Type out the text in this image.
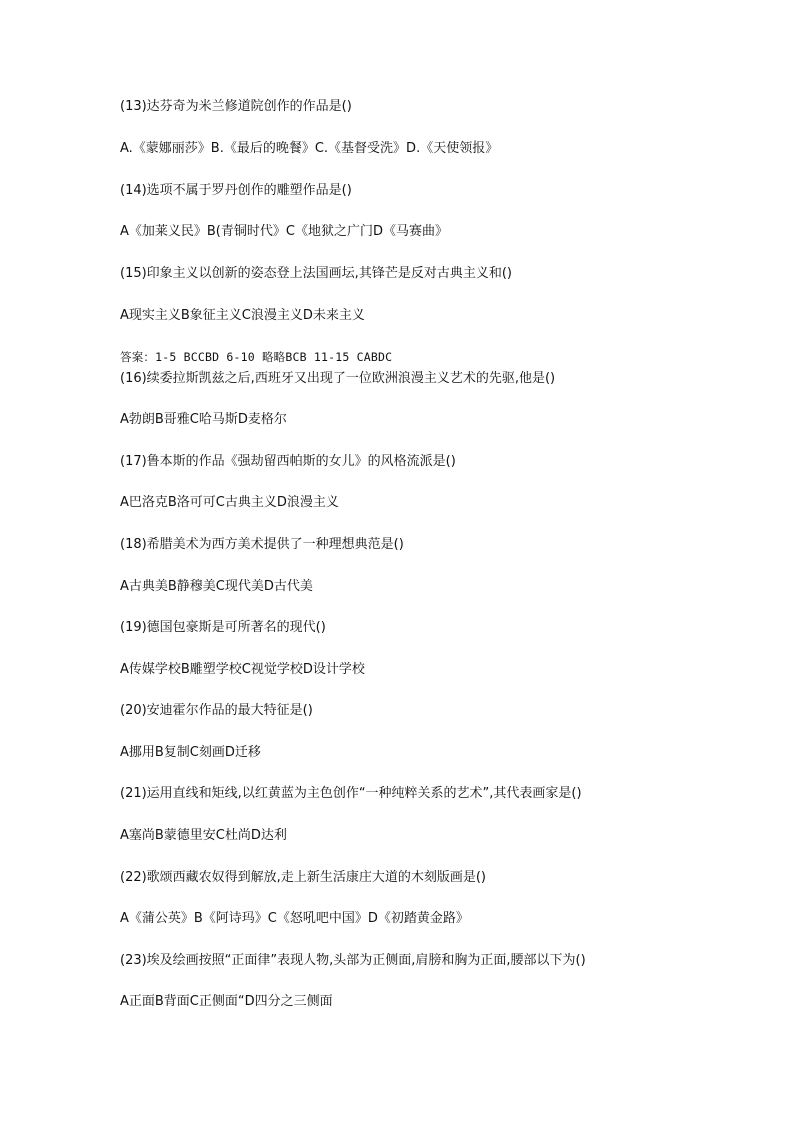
(13)达芬奇为米兰修道院创作的作品是()
A.《蒙娜丽莎》B.《最后的晚餐》C.《基督受洗》D.《天使领报》
(14)选项不属于罗丹创作的雕塑作品是()
A《加莱义民》B(青铜时代》C《地狱之广门D《马赛曲》
(15)印象主义以创新的姿态登上法国画坛,其锋芒是反对古典主义和()
A现实主义B象征主义C浪漫主义D未来主义
答案：1-5 BCCBD 6-10 略略BCB 11-15 CABDC
(16)续委拉斯凯兹之后,西班牙又出现了一位欧洲浪漫主义艺术的先驱,他是()
A勃朗B哥雅C哈马斯D麦格尔
(17)鲁本斯的作品《强劫留西帕斯的女儿》的风格流派是()
A巴洛克B洛可可C古典主义D浪漫主义
(18)希腊美术为西方美术提供了一种理想典范是()
A古典美B静穆美C现代美D古代美
(19)德国包豪斯是可所著名的现代()
A传媒学校B雕塑学校C视觉学校D设计学校
(20)安迪霍尔作品的最大特征是()
A挪用B复制C刻画D迁移
(21)运用直线和矩线,以红黄蓝为主色创作“一种纯粹关系的艺术”,其代表画家是()
A塞尚B蒙德里安C杜尚D达利
(22)歌颂西藏农奴得到解放,走上新生活康庄大道的木刻版画是()
A《蒲公英》B《阿诗玛》C《怒吼吧中国》D《初踏黄金路》
(23)埃及绘画按照“正面律”表现人物,头部为正侧面,肩膀和胸为正面,腰部以下为()
A正面B背面C正侧面“D四分之三侧面
